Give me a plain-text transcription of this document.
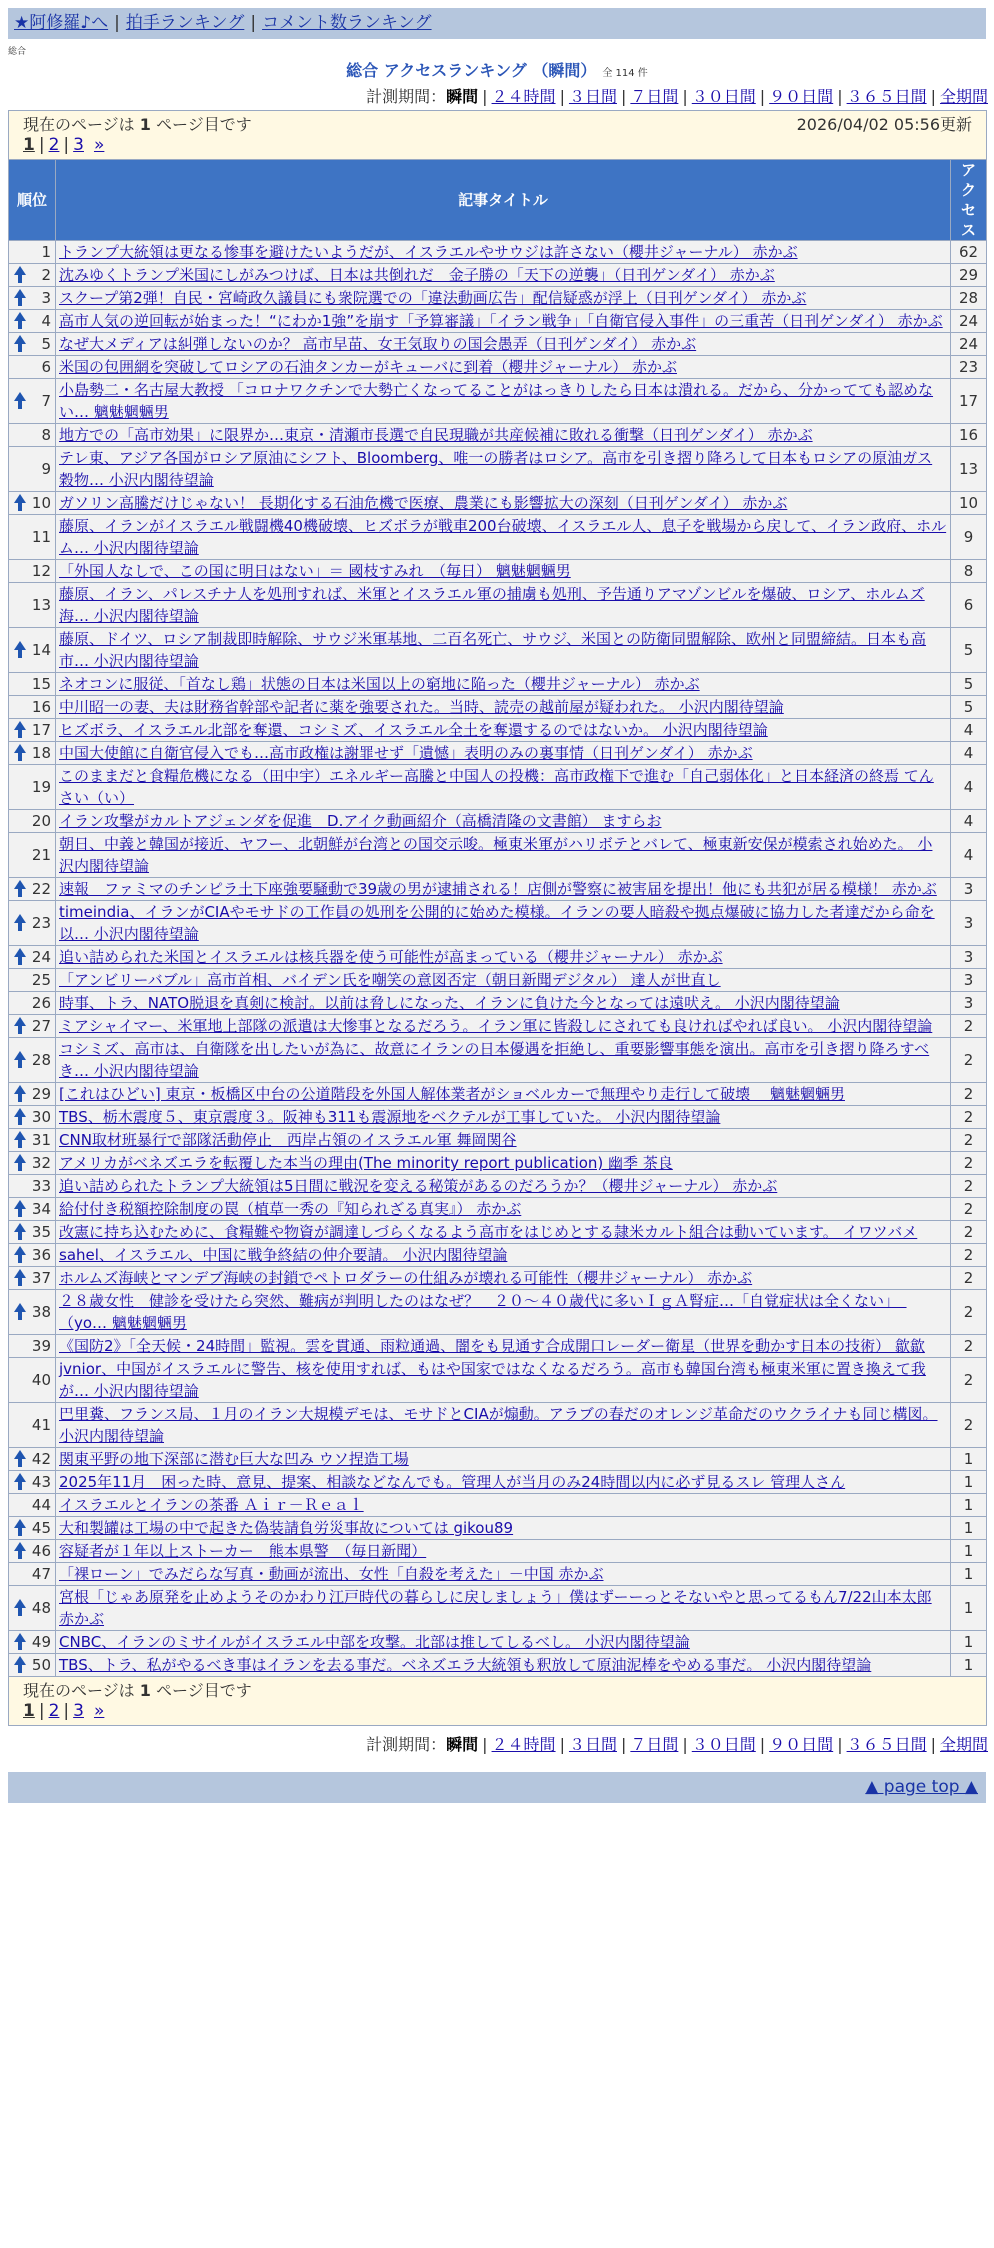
★阿修羅♪へ | 拍手ランキング | コメント数ランキング
総合
総合 アクセスランキング （瞬間） 全 114 件
計測期間：瞬間 | ２４時間 | ３日間 | ７日間 | ３０日間 | ９０日間 | ３６５日間 | 全期間
2026/04/02 05:56更新
現在のページは 1 ページ目です
1 | 2 | 3 »		

順位	記事タイトル	アクセス
1	トランプ大統領は更なる惨事を避けたいようだが、イスラエルやサウジは許さない（櫻井ジャーナル） 赤かぶ	62

2	沈みゆくトランプ米国にしがみつけば、日本は共倒れだ　金子勝の「天下の逆襲」（日刊ゲンダイ） 赤かぶ	29

3	スクープ第2弾！自民・宮崎政久議員にも衆院選での「違法動画広告」配信疑惑が浮上（日刊ゲンダイ） 赤かぶ	28

4	高市人気の逆回転が始まった！“にわか1強”を崩す「予算審議」「イラン戦争」「自衛官侵入事件」の三重苦（日刊ゲンダイ） 赤かぶ	24

5	なぜ大メディアは糾弾しないのか？ 高市早苗、女王気取りの国会愚弄（日刊ゲンダイ） 赤かぶ	24
6	米国の包囲網を突破してロシアの石油タンカーがキューバに到着（櫻井ジャーナル） 赤かぶ	23

7	小島勢二・名古屋大教授 「コロナワクチンで大勢亡くなってることがはっきりしたら日本は潰れる。だから、分かってても認めない… 魑魅魍魎男	17
8	地方での「高市効果」に限界か…東京・清瀬市長選で自民現職が共産候補に敗れる衝撃（日刊ゲンダイ） 赤かぶ	16
9	テレ東、アジア各国がロシア原油にシフト、Bloomberg、唯一の勝者はロシア。高市を引き摺り降ろして日本もロシアの原油ガス穀物… 小沢内閣待望論	13

10	ガソリン高騰だけじゃない！ 長期化する石油危機で医療、農業にも影響拡大の深刻（日刊ゲンダイ） 赤かぶ	10
11	藤原、イランがイスラエル戦闘機40機破壊、ヒズボラが戦車200台破壊、イスラエル人、息子を戦場から戻して、イラン政府、ホルム… 小沢内閣待望論	9
12	「外国人なしで、この国に明日はない」＝ 國枝すみれ　（毎日） 魑魅魍魎男	8
13	藤原、イラン、パレスチナ人を処刑すれば、米軍とイスラエル軍の捕虜も処刑、予告通りアマゾンビルを爆破、ロシア、ホルムズ海… 小沢内閣待望論	6

14	藤原、ドイツ、ロシア制裁即時解除、サウジ米軍基地、二百名死亡、サウジ、米国との防衛同盟解除、欧州と同盟締結。日本も高市… 小沢内閣待望論	5
15	ネオコンに服従、「首なし鶏」状態の日本は米国以上の窮地に陥った（櫻井ジャーナル） 赤かぶ	5
16	中川昭一の妻、夫は財務省幹部や記者に薬を強要された。当時、読売の越前屋が疑われた。 小沢内閣待望論	5

17	ヒズボラ、イスラエル北部を奪還、コシミズ、イスラエル全土を奪還するのではないか。 小沢内閣待望論	4

18	中国大使館に自衛官侵入でも…高市政権は謝罪せず「遺憾」表明のみの裏事情（日刊ゲンダイ） 赤かぶ	4
19	このままだと食糧危機になる（田中宇）エネルギー高騰と中国人の投機：高市政権下で進む「自己弱体化」と日本経済の終焉 てんさい（い）	4
20	イラン攻撃がカルトアジェンダを促進　D.アイク動画紹介（高橋清隆の文書館） ますらお	4
21	朝日、中義と韓国が接近、ヤフー、北朝鮮が台湾との国交示唆。極東米軍がハリボテとバレて、極東新安保が模索され始めた。 小沢内閣待望論	4

22	速報　ファミマのチンピラ土下座強要騒動で39歳の男が逮捕される！店側が警察に被害届を提出！他にも共犯が居る模様！ 赤かぶ	3

23	timeindia、イランがCIAやモサドの工作員の処刑を公開的に始めた模様。イランの要人暗殺や拠点爆破に協力した者達だから命を以… 小沢内閣待望論	3

24	追い詰められた米国とイスラエルは核兵器を使う可能性が高まっている（櫻井ジャーナル） 赤かぶ	3
25	「アンビリーバブル」高市首相、バイデン氏を嘲笑の意図否定（朝日新聞デジタル） 達人が世直し	3
26	時事、トラ、NATO脱退を真剣に検討。以前は脅しになった、イランに負けた今となっては遠吠え。 小沢内閣待望論	3

27	ミアシャイマー、米軍地上部隊の派遣は大惨事となるだろう。イラン軍に皆殺しにされても良ければやれば良い。 小沢内閣待望論	2

28	コシミズ、高市は、自衛隊を出したいが為に、故意にイランの日本優遇を拒絶し、重要影響事態を演出。高市を引き摺り降ろすべき… 小沢内閣待望論	2

29	[これはひどい] 東京・板橋区中台の公道階段を外国人解体業者がショベルカーで無理やり走行して破壊　 魑魅魍魎男	2

30	TBS、栃木震度５、東京震度３。阪神も311も震源地をベクテルが工事していた。 小沢内閣待望論	2

31	CNN取材班暴行で部隊活動停止　西岸占領のイスラエル軍 舞岡関谷	2

32	アメリカがベネズエラを転覆した本当の理由(The minority report publication) 幽季 茶良	2
33	追い詰められたトランプ大統領は5日間に戦況を変える秘策があるのだろうか？（櫻井ジャーナル） 赤かぶ	2

34	給付付き税額控除制度の罠（植草一秀の『知られざる真実』） 赤かぶ	2

35	改憲に持ち込むために、食糧難や物資が調達しづらくなるよう高市をはじめとする隷米カルト組合は動いています。 イワツバメ	2

36	sahel、イスラエル、中国に戦争終結の仲介要請。 小沢内閣待望論	2

37	ホルムズ海峡とマンデブ海峡の封鎖でペトロダラーの仕組みが壊れる可能性（櫻井ジャーナル） 赤かぶ	2

38	２８歳女性　健診を受けたら突然、難病が判明したのはなぜ？　２０～４０歳代に多いＩｇＡ腎症…「自覚症状は全くない」　（yo… 魑魅魍魎男	2
39	《国防2》「全天候・24時間」監視。雲を貫通、雨粒通過、闇をも見通す合成開口レーダー衛星（世界を動かす日本の技術） 歙歙	2
40	jvnior、中国がイスラエルに警告、核を使用すれば、もはや国家ではなくなるだろう。高市も韓国台湾も極東米軍に置き換えて我が… 小沢内閣待望論	2
41	巴里糞、フランス局、１月のイラン大規模デモは、モサドとCIAが煽動。アラブの春だのオレンジ革命だのウクライナも同じ構図。 小沢内閣待望論	2

42	関東平野の地下深部に潜む巨大な凹み ウソ捏造工場	1

43	2025年11月　困った時、意見、提案、相談などなんでも。管理人が当月のみ24時間以内に必ず見るスレ 管理人さん	1
44	イスラエルとイランの茶番 Ａｉｒ－Ｒｅａｌ	1

45	大和製罐は工場の中で起きた偽装請負労災事故については gikou89	1

46	容疑者が１年以上ストーカー　熊本県警　（毎日新聞）	1
47	「裸ローン」でみだらな写真・動画が流出、女性「自殺を考えた」－中国 赤かぶ	1

48	宮根「じゃあ原発を止めようそのかわり江戸時代の暮らしに戻しましょう」僕はずーーっとそないやと思ってるもん7/22山本太郎 赤かぶ	1

49	CNBC、イランのミサイルがイスラエル中部を攻撃。北部は推してしるべし。 小沢内閣待望論	1

50	TBS、トラ、私がやるべき事はイランを去る事だ。ベネズエラ大統領も釈放して原油泥棒をやめる事だ。 小沢内閣待望論	1

現在のページは 1 ページ目です
1 | 2 | 3 »		
計測期間：瞬間 | ２４時間 | ３日間 | ７日間 | ３０日間 | ９０日間 | ３６５日間 | 全期間
▲ page top ▲
